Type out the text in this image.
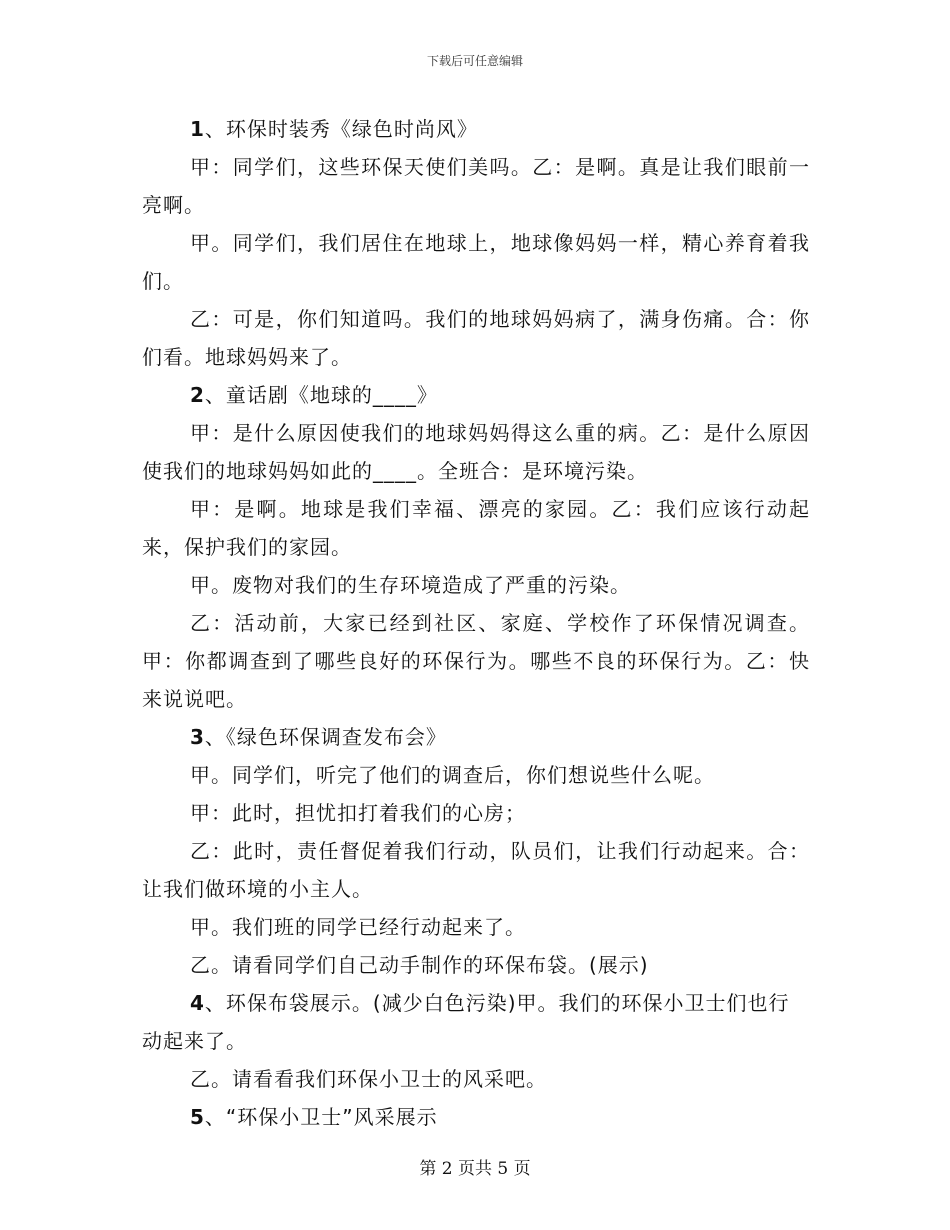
下载后可任意编辑

1、环保时装秀《绿色时尚风》

甲：同学们，这些环保天使们美吗。乙：是啊。真是让我们眼前一亮啊。

甲。同学们，我们居住在地球上，地球像妈妈一样，精心养育着我们。

乙：可是，你们知道吗。我们的地球妈妈病了，满身伤痛。合：你们看。地球妈妈来了。

2、童话剧《地球的____》

甲：是什么原因使我们的地球妈妈得这么重的病。乙：是什么原因使我们的地球妈妈如此的____。全班合：是环境污染。

甲：是啊。地球是我们幸福、漂亮的家园。乙：我们应该行动起来，保护我们的家园。

甲。废物对我们的生存环境造成了严重的污染。

乙：活动前，大家已经到社区、家庭、学校作了环保情况调查。甲：你都调查到了哪些良好的环保行为。哪些不良的环保行为。乙：快来说说吧。

3、《绿色环保调查发布会》

甲。同学们，听完了他们的调查后，你们想说些什么呢。

甲：此时，担忧扣打着我们的心房；

乙：此时，责任督促着我们行动，队员们，让我们行动起来。合：让我们做环境的小主人。

甲。我们班的同学已经行动起来了。

乙。请看同学们自己动手制作的环保布袋。(展示)

4、环保布袋展示。(减少白色污染)甲。我们的环保小卫士们也行动起来了。

乙。请看看我们环保小卫士的风采吧。

5、“环保小卫士”风采展示

第 2 页共 5 页
